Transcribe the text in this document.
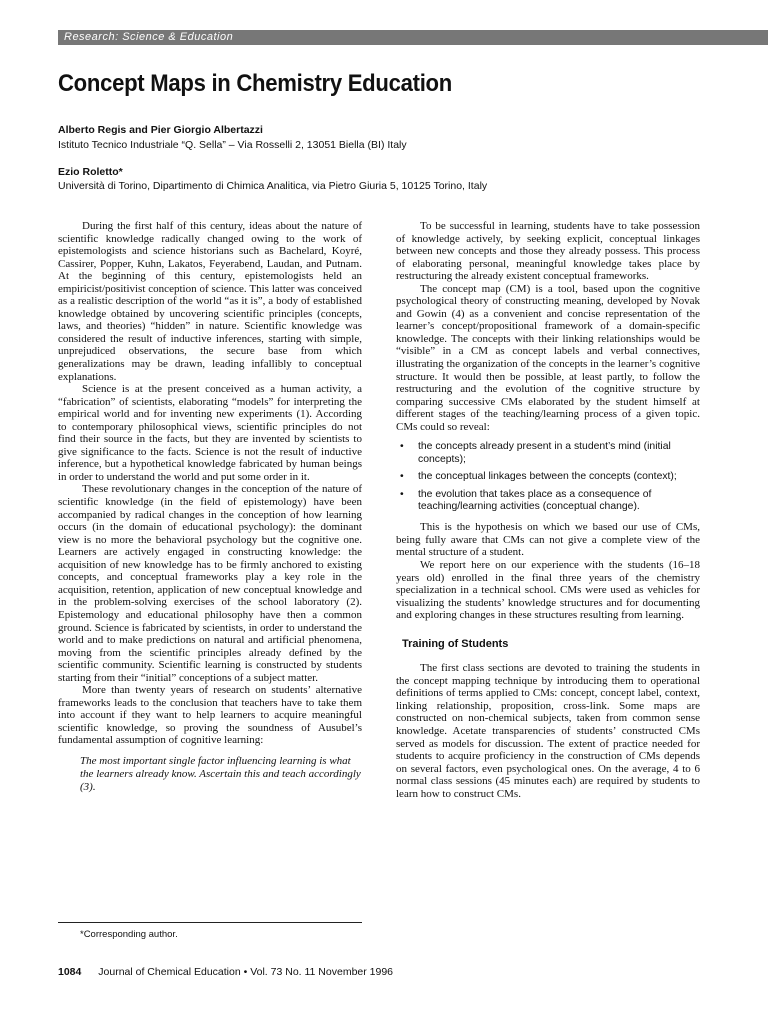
Research: Science & Education
Concept Maps in Chemistry Education
Alberto Regis and Pier Giorgio Albertazzi
Istituto Tecnico Industriale “Q. Sella” – Via Rosselli 2, 13051 Biella (BI) Italy
Ezio Roletto*
Università di Torino, Dipartimento di Chimica Analitica, via Pietro Giuria 5, 10125 Torino, Italy

During the first half of this century, ideas about the nature of scientific knowledge radically changed owing to the work of epistemologists and science historians such as Bachelard, Koyré, Cassirer, Popper, Kuhn, Lakatos, Feyerabend, Laudan, and Putnam. At the beginning of this century, epistemologists held an empiricist/positivist conception of science. This latter was conceived as a realistic description of the world “as it is”, a body of established knowledge obtained by uncovering scientific principles (concepts, laws, and theories) “hidden” in nature. Scientific knowledge was considered the result of inductive inferences, starting with simple, unprejudiced observations, the secure base from which generalizations may be drawn, leading infallibly to conceptual explanations.

Science is at the present conceived as a human activity, a “fabrication” of scientists, elaborating “models” for interpreting the empirical world and for inventing new experiments (1). According to contemporary philosophical views, scientific principles do not find their source in the facts, but they are invented by scientists to give significance to the facts. Science is not the result of inductive inference, but a hypothetical knowledge fabricated by human beings in order to understand the world and put some order in it.

These revolutionary changes in the conception of the nature of scientific knowledge (in the field of epistemology) have been accompanied by radical changes in the conception of how learning occurs (in the domain of educational psychology): the dominant view is no more the behavioral psychology but the cognitive one. Learners are actively engaged in constructing knowledge: the acquisition of new knowledge has to be firmly anchored to existing concepts, and conceptual frameworks play a key role in the acquisition, retention, application of new conceptual knowledge and in the problem-solving exercises of the school laboratory (2). Epistemology and educational philosophy have then a common ground. Science is fabricated by scientists, in order to understand the world and to make predictions on natural and artificial phenomena, moving from the scientific principles already defined by the scientific community. Scientific learning is constructed by students starting from their “initial” conceptions of a subject matter.

More than twenty years of research on students’ alternative frameworks leads to the conclusion that teachers have to take them into account if they want to help learners to acquire meaningful scientific knowledge, so proving the soundness of Ausubel’s fundamental assumption of cognitive learning:

The most important single factor influencing learning is what the learners already know. Ascertain this and teach accordingly (3).
*Corresponding author.

To be successful in learning, students have to take possession of knowledge actively, by seeking explicit, conceptual linkages between new concepts and those they already possess. This process of elaborating personal, meaningful knowledge takes place by restructuring the already existent conceptual frameworks.

The concept map (CM) is a tool, based upon the cognitive psychological theory of constructing meaning, developed by Novak and Gowin (4) as a convenient and concise representation of the learner’s concept/propositional framework of a domain-specific knowledge. The concepts with their linking relationships would be “visible” in a CM as concept labels and verbal connectives, illustrating the organization of the concepts in the learner’s cognitive structure. It would then be possible, at least partly, to follow the restructuring and the evolution of the cognitive structure by comparing successive CMs elaborated by the student himself at different stages of the teaching/learning process of a given topic. CMs could so reveal:

• the concepts already present in a student’s mind (initial concepts);
• the conceptual linkages between the concepts (context);
• the evolution that takes place as a consequence of teaching/learning activities (conceptual change).

This is the hypothesis on which we based our use of CMs, being fully aware that CMs can not give a complete view of the mental structure of a student.

We report here on our experience with the students (16–18 years old) enrolled in the final three years of the chemistry specialization in a technical school. CMs were used as vehicles for visualizing the students’ knowledge structures and for documenting and exploring changes in these structures resulting from learning.

Training of Students

The first class sections are devoted to training the students in the concept mapping technique by introducing them to operational definitions of terms applied to CMs: concept, concept label, context, linking relationship, proposition, cross-link. Some maps are constructed on non-chemical subjects, taken from common sense knowledge. Acetate transparencies of students’ constructed CMs served as models for discussion. The extent of practice needed for students to acquire proficiency in the construction of CMs depends on several factors, even psychological ones. On the average, 4 to 6 normal class sessions (45 minutes each) are required by students to learn how to construct CMs.

1084 Journal of Chemical Education • Vol. 73 No. 11 November 1996
